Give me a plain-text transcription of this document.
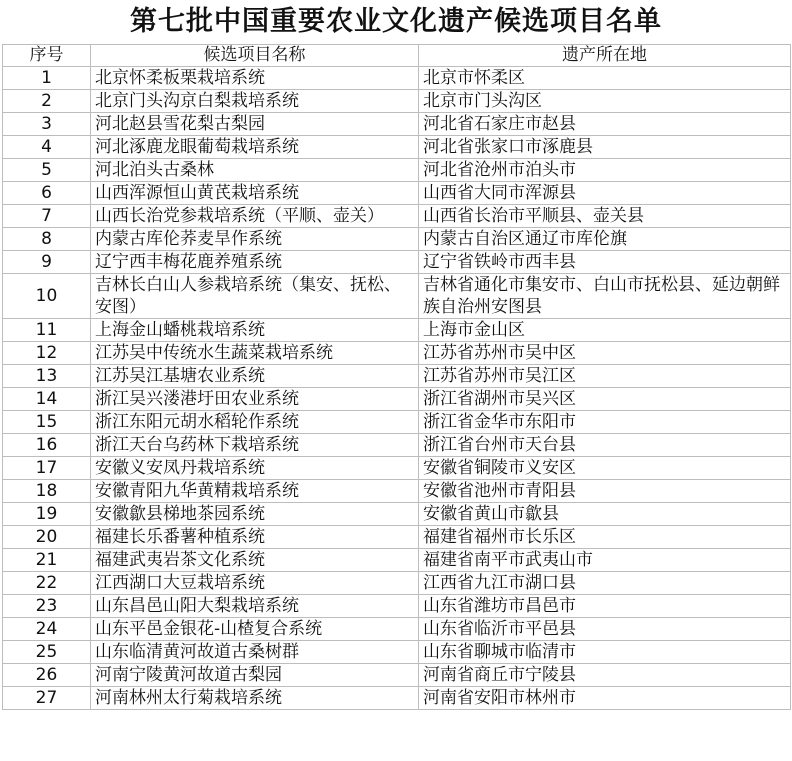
第七批中国重要农业文化遗产候选项目名单
序号	候选项目名称	遗产所在地
1	北京怀柔板栗栽培系统	北京市怀柔区
2	北京门头沟京白梨栽培系统	北京市门头沟区
3	河北赵县雪花梨古梨园	河北省石家庄市赵县
4	河北涿鹿龙眼葡萄栽培系统	河北省张家口市涿鹿县
5	河北泊头古桑林	河北省沧州市泊头市
6	山西浑源恒山黄芪栽培系统	山西省大同市浑源县
7	山西长治党参栽培系统（平顺、壶关）	山西省长治市平顺县、壶关县
8	内蒙古库伦荞麦旱作系统	内蒙古自治区通辽市库伦旗
9	辽宁西丰梅花鹿养殖系统	辽宁省铁岭市西丰县
10	吉林长白山人参栽培系统（集安、抚松、安图）	吉林省通化市集安市、白山市抚松县、延边朝鲜族自治州安图县
11	上海金山蟠桃栽培系统	上海市金山区
12	江苏吴中传统水生蔬菜栽培系统	江苏省苏州市吴中区
13	江苏吴江基塘农业系统	江苏省苏州市吴江区
14	浙江吴兴溇港圩田农业系统	浙江省湖州市吴兴区
15	浙江东阳元胡水稻轮作系统	浙江省金华市东阳市
16	浙江天台乌药林下栽培系统	浙江省台州市天台县
17	安徽义安凤丹栽培系统	安徽省铜陵市义安区
18	安徽青阳九华黄精栽培系统	安徽省池州市青阳县
19	安徽歙县梯地茶园系统	安徽省黄山市歙县
20	福建长乐番薯种植系统	福建省福州市长乐区
21	福建武夷岩茶文化系统	福建省南平市武夷山市
22	江西湖口大豆栽培系统	江西省九江市湖口县
23	山东昌邑山阳大梨栽培系统	山东省潍坊市昌邑市
24	山东平邑金银花-山楂复合系统	山东省临沂市平邑县
25	山东临清黄河故道古桑树群	山东省聊城市临清市
26	河南宁陵黄河故道古梨园	河南省商丘市宁陵县
27	河南林州太行菊栽培系统	河南省安阳市林州市
